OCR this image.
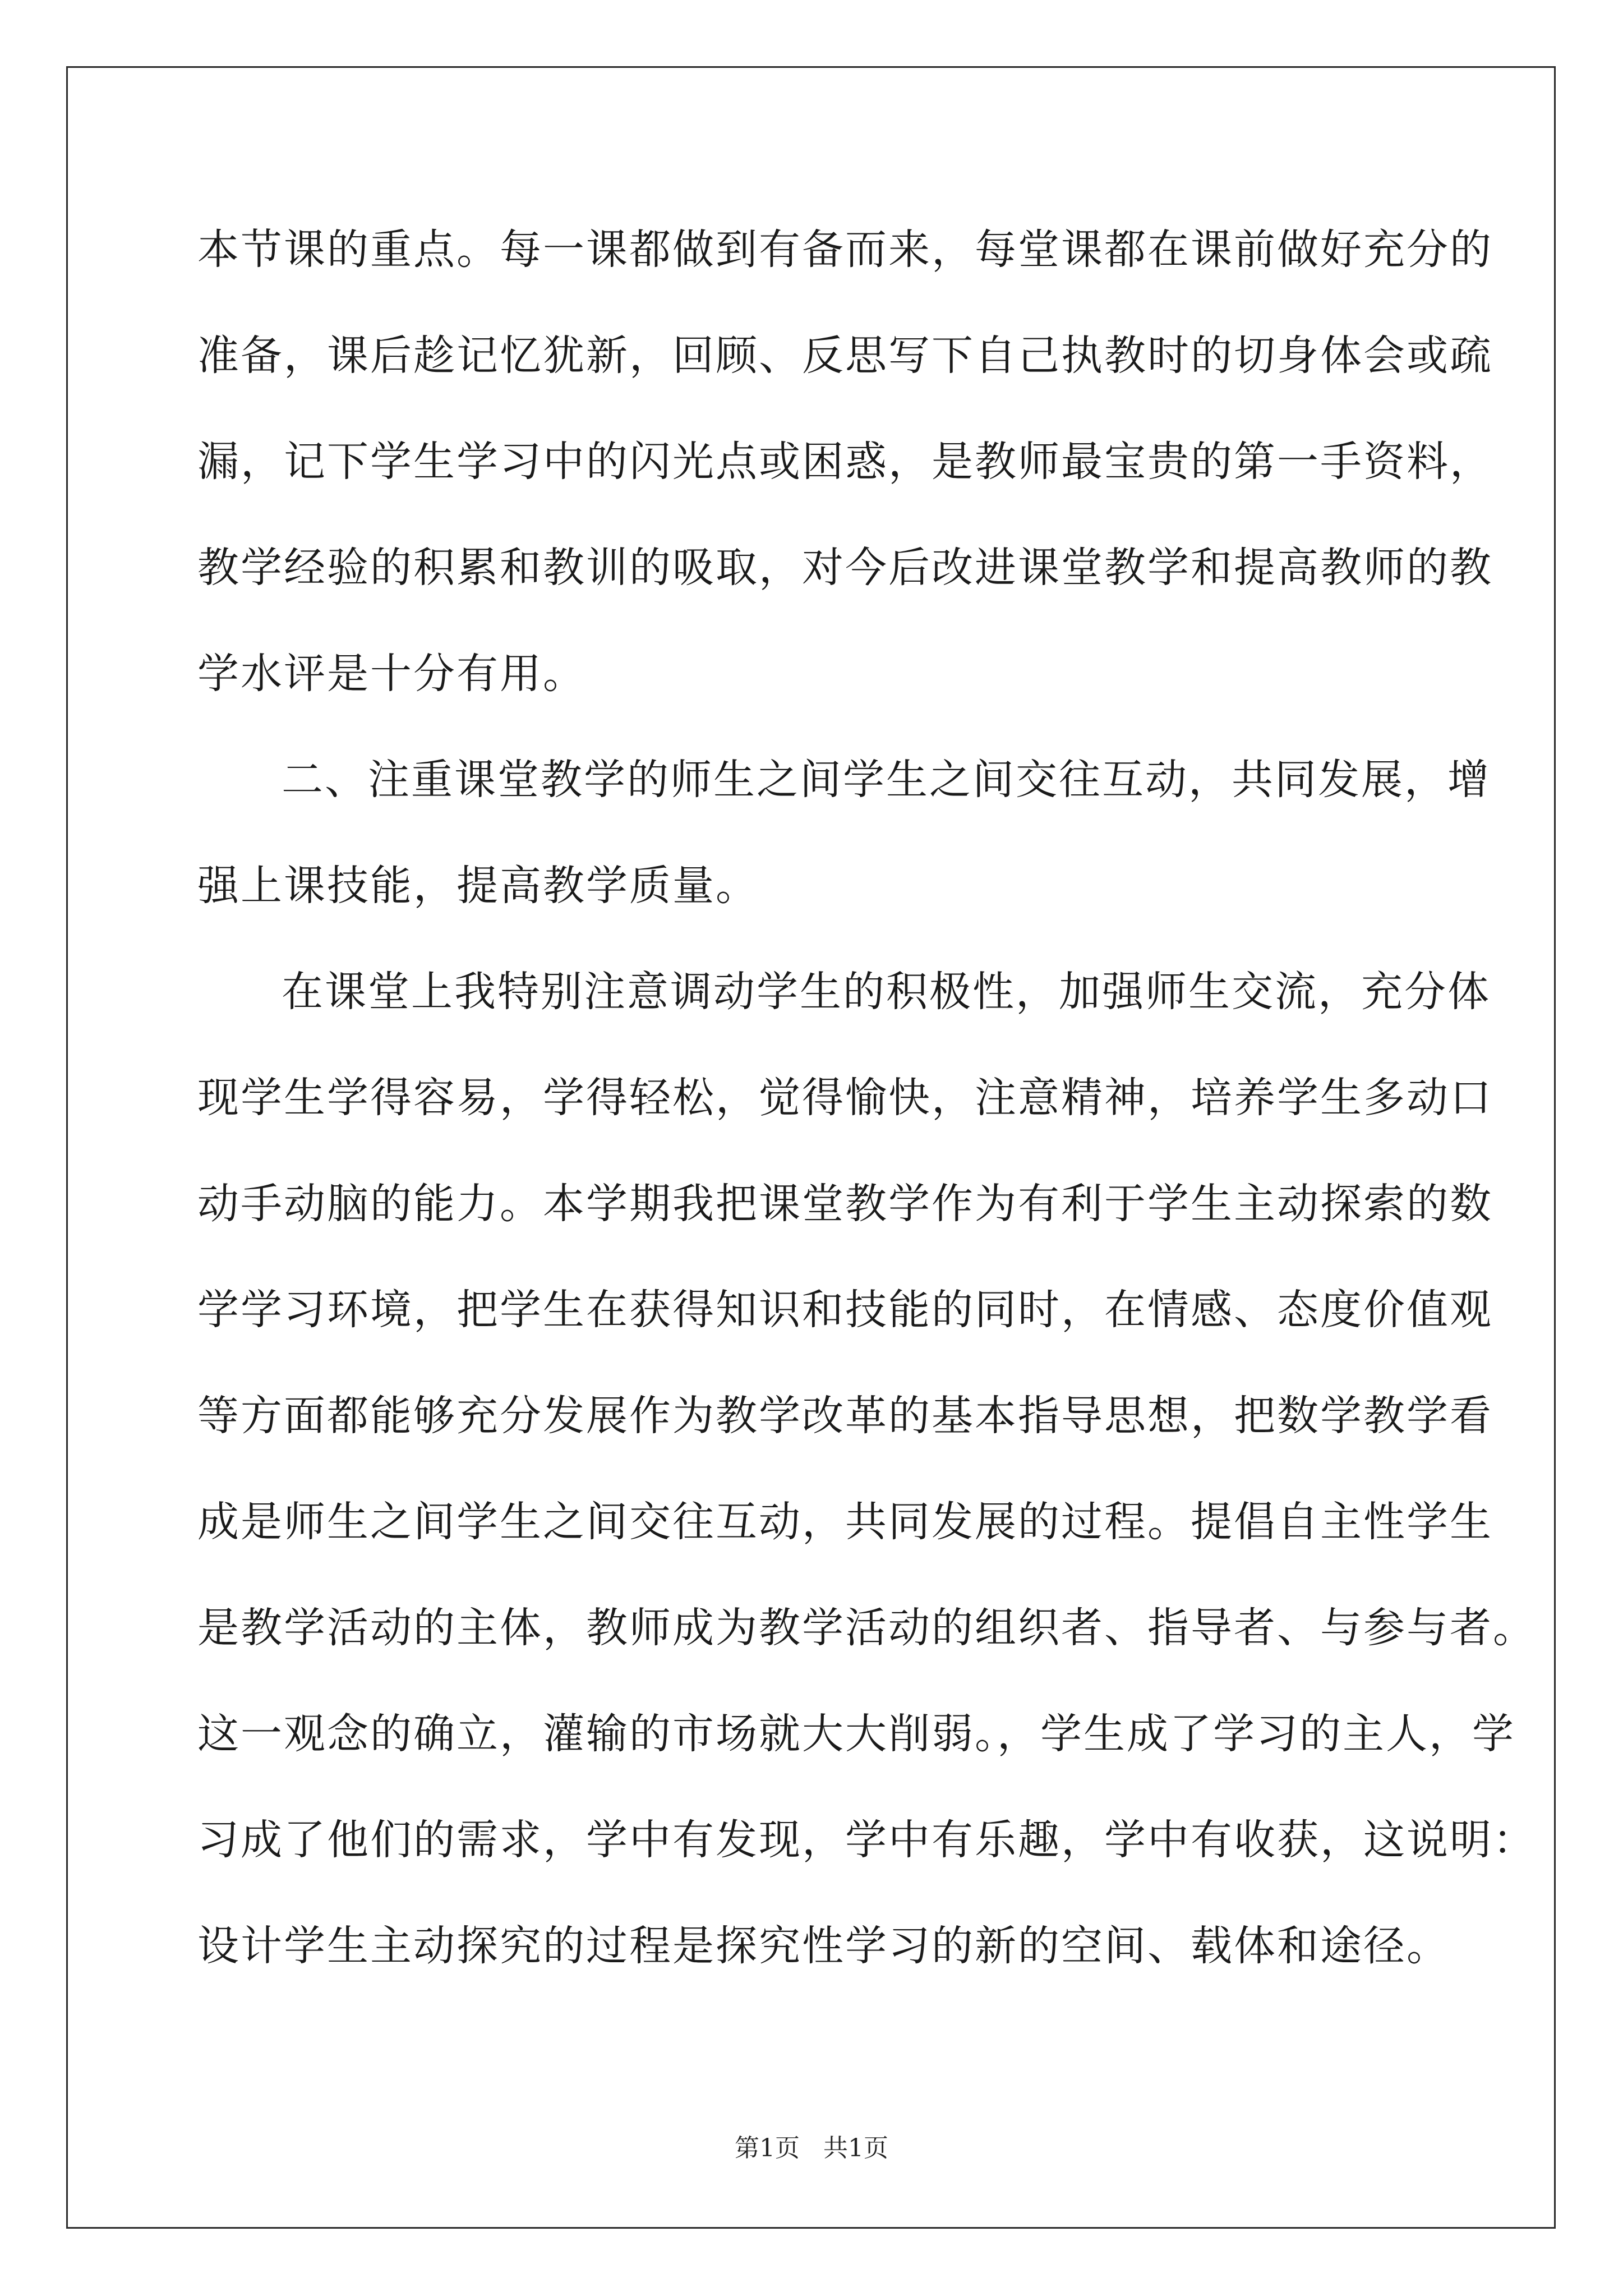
本节课的重点。每一课都做到有备而来，每堂课都在课前做好充分的
准备，课后趁记忆犹新，回顾、反思写下自己执教时的切身体会或疏
漏，记下学生学习中的闪光点或困惑，是教师最宝贵的第一手资料，
教学经验的积累和教训的吸取，对今后改进课堂教学和提高教师的教
学水评是十分有用。
二、注重课堂教学的师生之间学生之间交往互动，共同发展，增
强上课技能，提高教学质量。
在课堂上我特别注意调动学生的积极性，加强师生交流，充分体
现学生学得容易，学得轻松，觉得愉快，注意精神，培养学生多动口
动手动脑的能力。本学期我把课堂教学作为有利于学生主动探索的数
学学习环境，把学生在获得知识和技能的同时，在情感、态度价值观
等方面都能够充分发展作为教学改革的基本指导思想，把数学教学看
成是师生之间学生之间交往互动，共同发展的过程。提倡自主性学生
是教学活动的主体，教师成为教学活动的组织者、指导者、与参与者。
这一观念的确立，灌输的市场就大大削弱。，学生成了学习的主人，学
习成了他们的需求，学中有发现，学中有乐趣，学中有收获，这说明：
设计学生主动探究的过程是探究性学习的新的空间、载体和途径。
第1页 共1页
